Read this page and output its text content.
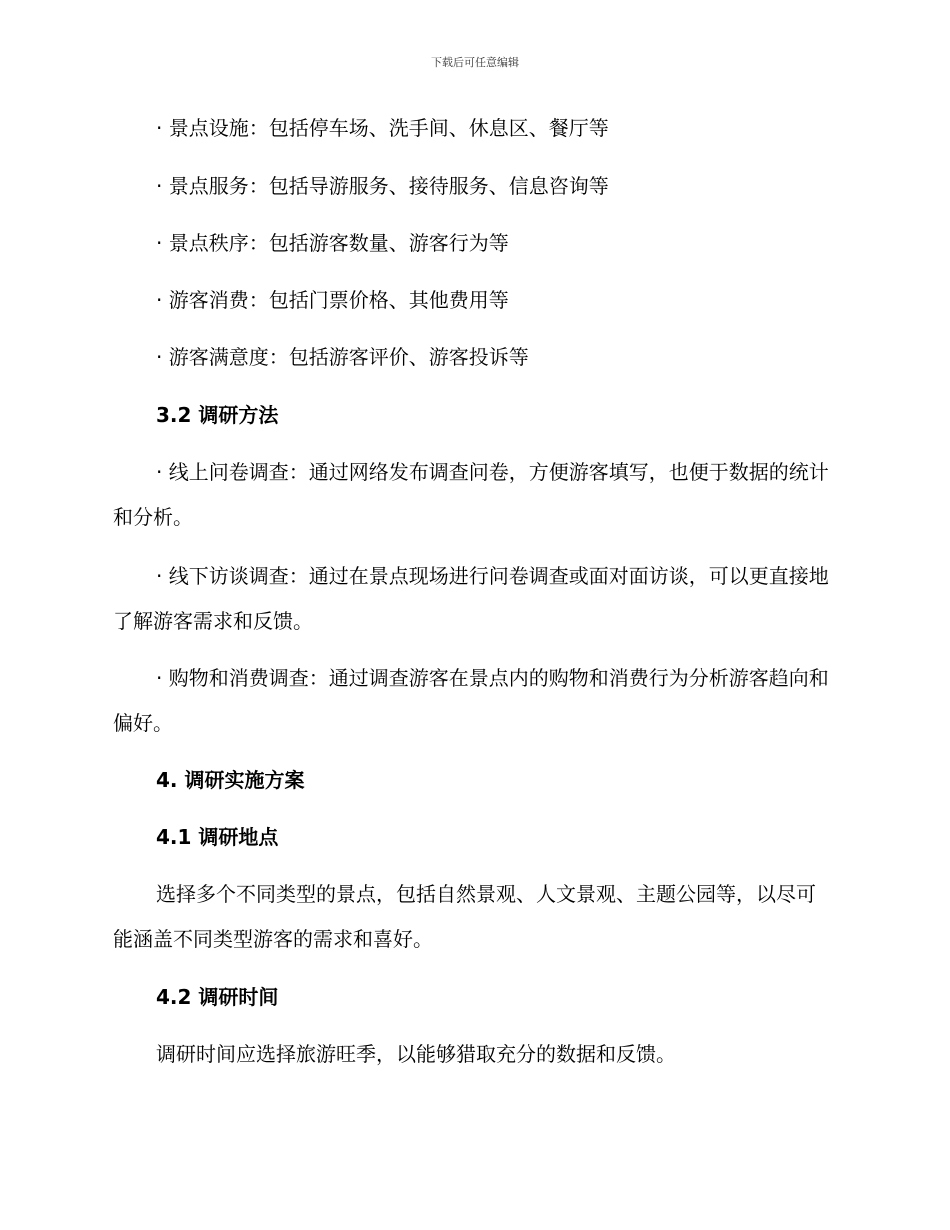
下载后可任意编辑

· 景点设施：包括停车场、洗手间、休息区、餐厅等

· 景点服务：包括导游服务、接待服务、信息咨询等

· 景点秩序：包括游客数量、游客行为等

· 游客消费：包括门票价格、其他费用等

· 游客满意度：包括游客评价、游客投诉等

3.2 调研方法

· 线上问卷调查：通过网络发布调查问卷，方便游客填写，也便于数据的统计和分析。

· 线下访谈调查：通过在景点现场进行问卷调查或面对面访谈，可以更直接地了解游客需求和反馈。

· 购物和消费调查：通过调查游客在景点内的购物和消费行为分析游客趋向和偏好。

4. 调研实施方案

4.1 调研地点

选择多个不同类型的景点，包括自然景观、人文景观、主题公园等，以尽可能涵盖不同类型游客的需求和喜好。

4.2 调研时间

调研时间应选择旅游旺季，以能够猎取充分的数据和反馈。
